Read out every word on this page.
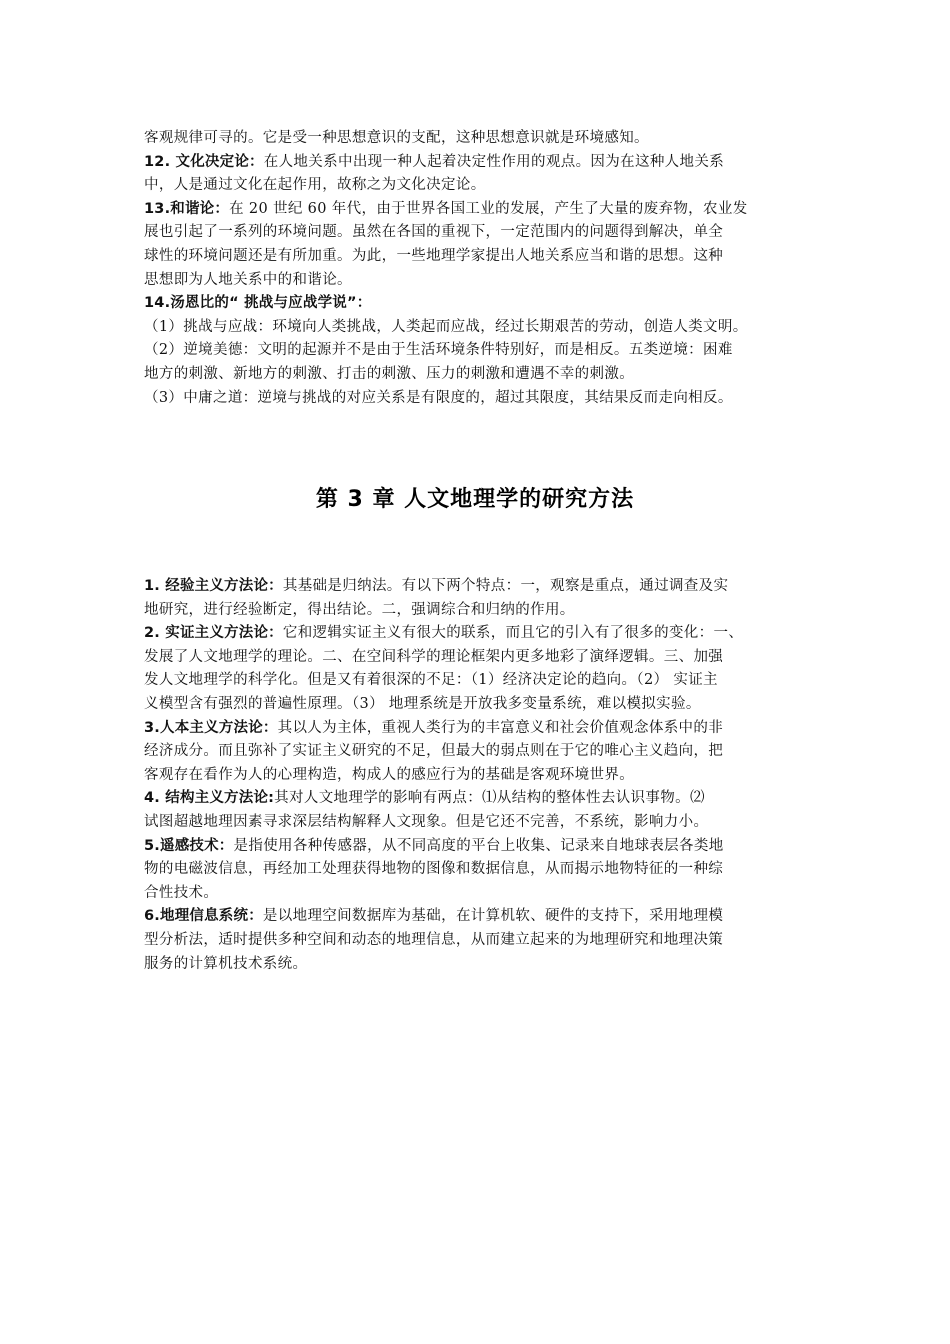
客观规律可寻的。它是受一种思想意识的支配，这种思想意识就是环境感知。
12. 文化决定论：在人地关系中出现一种人起着决定性作用的观点。因为在这种人地关系
中，人是通过文化在起作用，故称之为文化决定论。
13.和谐论：在 20 世纪 60 年代，由于世界各国工业的发展，产生了大量的废弃物，农业发
展也引起了一系列的环境问题。虽然在各国的重视下，一定范围内的问题得到解决，单全
球性的环境问题还是有所加重。为此，一些地理学家提出人地关系应当和谐的思想。这种
思想即为人地关系中的和谐论。
14.汤恩比的“ 挑战与应战学说”：
（1）挑战与应战：环境向人类挑战，人类起而应战，经过长期艰苦的劳动，创造人类文明。
（2）逆境美德：文明的起源并不是由于生活环境条件特别好，而是相反。五类逆境：困难
地方的刺激、新地方的刺激、打击的刺激、压力的刺激和遭遇不幸的刺激。
（3）中庸之道：逆境与挑战的对应关系是有限度的，超过其限度，其结果反而走向相反。
第 3 章 人文地理学的研究方法
1. 经验主义方法论：其基础是归纳法。有以下两个特点：一，观察是重点，通过调查及实
地研究，进行经验断定，得出结论。二，强调综合和归纳的作用。
2. 实证主义方法论：它和逻辑实证主义有很大的联系，而且它的引入有了很多的变化：一、
发展了人文地理学的理论。二、在空间科学的理论框架内更多地彩了演绎逻辑。三、加强
发人文地理学的科学化。但是又有着很深的不足：（1）经济决定论的趋向。（2） 实证主
义模型含有强烈的普遍性原理。（3） 地理系统是开放我多变量系统，难以模拟实验。
3.人本主义方法论：其以人为主体，重视人类行为的丰富意义和社会价值观念体系中的非
经济成分。而且弥补了实证主义研究的不足，但最大的弱点则在于它的唯心主义趋向，把
客观存在看作为人的心理构造，构成人的感应行为的基础是客观环境世界。
4. 结构主义方法论:其对人文地理学的影响有两点：⑴从结构的整体性去认识事物。⑵
试图超越地理因素寻求深层结构解释人文现象。但是它还不完善，不系统，影响力小。
5.遥感技术：是指使用各种传感器，从不同高度的平台上收集、记录来自地球表层各类地
物的电磁波信息，再经加工处理获得地物的图像和数据信息，从而揭示地物特征的一种综
合性技术。
6.地理信息系统：是以地理空间数据库为基础，在计算机软、硬件的支持下，采用地理模
型分析法，适时提供多种空间和动态的地理信息，从而建立起来的为地理研究和地理决策
服务的计算机技术系统。
